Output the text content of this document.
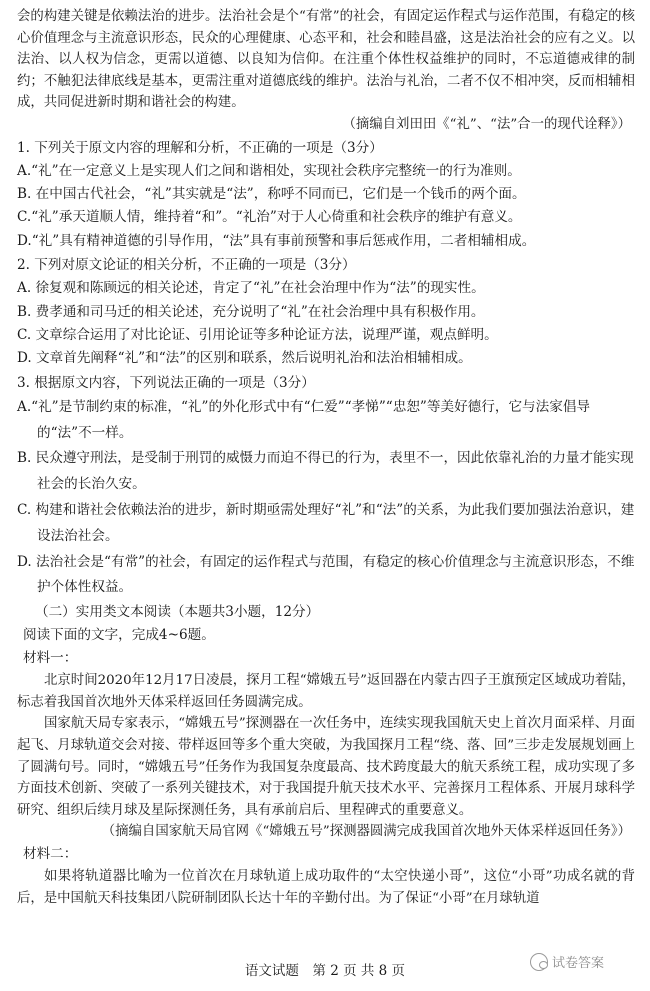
会的构建关键是依赖法治的进步。法治社会是个“有常”的社会，有固定运作程式与运作范围，有稳定的核心价值理念与主流意识形态，民众的心理健康、心态平和，社会和睦昌盛，这是法治社会的应有之义。以法治、以人权为信念，更需以道德、以良知为信仰。在注重个体性权益维护的同时，不忘道德戒律的制约；不触犯法律底线是基本，更需注重对道德底线的维护。法治与礼治，二者不仅不相冲突，反而相辅相成，共同促进新时期和谐社会的构建。

（摘编自刘田田《“礼”、“法”合一的现代诠释》）

1. 下列关于原文内容的理解和分析，不正确的一项是（3分）
A.“礼”在一定意义上是实现人们之间和谐相处，实现社会秩序完整统一的行为准则。
B. 在中国古代社会，“礼”其实就是“法”，称呼不同而已，它们是一个钱币的两个面。
C.“礼”承天道顺人情，维持着“和”。“礼治”对于人心倚重和社会秩序的维护有意义。
D.“礼”具有精神道德的引导作用，“法”具有事前预警和事后惩戒作用，二者相辅相成。
2. 下列对原文论证的相关分析，不正确的一项是（3分）
A. 徐复观和陈顾远的相关论述，肯定了“礼”在社会治理中作为“法”的现实性。
B. 费孝通和司马迁的相关论述，充分说明了“礼”在社会治理中具有积极作用。
C. 文章综合运用了对比论证、引用论证等多种论证方法，说理严谨，观点鲜明。
D. 文章首先阐释“礼”和“法”的区别和联系，然后说明礼治和法治相辅相成。
3. 根据原文内容，下列说法正确的一项是（3分）
A.“礼”是节制约束的标准，“礼”的外化形式中有“仁爱”“孝悌”“忠恕”等美好德行，它与法家倡导的“法”不一样。
B. 民众遵守刑法，是受制于刑罚的威慑力而迫不得已的行为，表里不一，因此依靠礼治的力量才能实现社会的长治久安。
C. 构建和谐社会依赖法治的进步，新时期亟需处理好“礼”和“法”的关系，为此我们要加强法治意识，建设法治社会。
D. 法治社会是“有常”的社会，有固定的运作程式与范围，有稳定的核心价值理念与主流意识形态，不维护个体性权益。
（二）实用类文本阅读（本题共3小题，12分）
阅读下面的文字，完成4~6题。
材料一：

北京时间2020年12月17日凌晨，探月工程“嫦娥五号”返回器在内蒙古四子王旗预定区域成功着陆，标志着我国首次地外天体采样返回任务圆满完成。

国家航天局专家表示，“嫦娥五号”探测器在一次任务中，连续实现我国航天史上首次月面采样、月面起飞、月球轨道交会对接、带样返回等多个重大突破，为我国探月工程“绕、落、回”三步走发展规划画上了圆满句号。同时，“嫦娥五号”任务作为我国复杂度最高、技术跨度最大的航天系统工程，成功实现了多方面技术创新、突破了一系列关键技术，对于我国提升航天技术水平、完善探月工程体系、开展月球科学研究、组织后续月球及星际探测任务，具有承前启后、里程碑式的重要意义。

（摘编自国家航天局官网《“嫦娥五号”探测器圆满完成我国首次地外天体采样返回任务》）

材料二：

如果将轨道器比喻为一位首次在月球轨道上成功取件的“太空快递小哥”，这位“小哥”功成名就的背后，是中国航天科技集团八院研制团队长达十年的辛勤付出。为了保证“小哥”在月球轨道

语文试题　第 2 页 共 8 页	试卷答案
